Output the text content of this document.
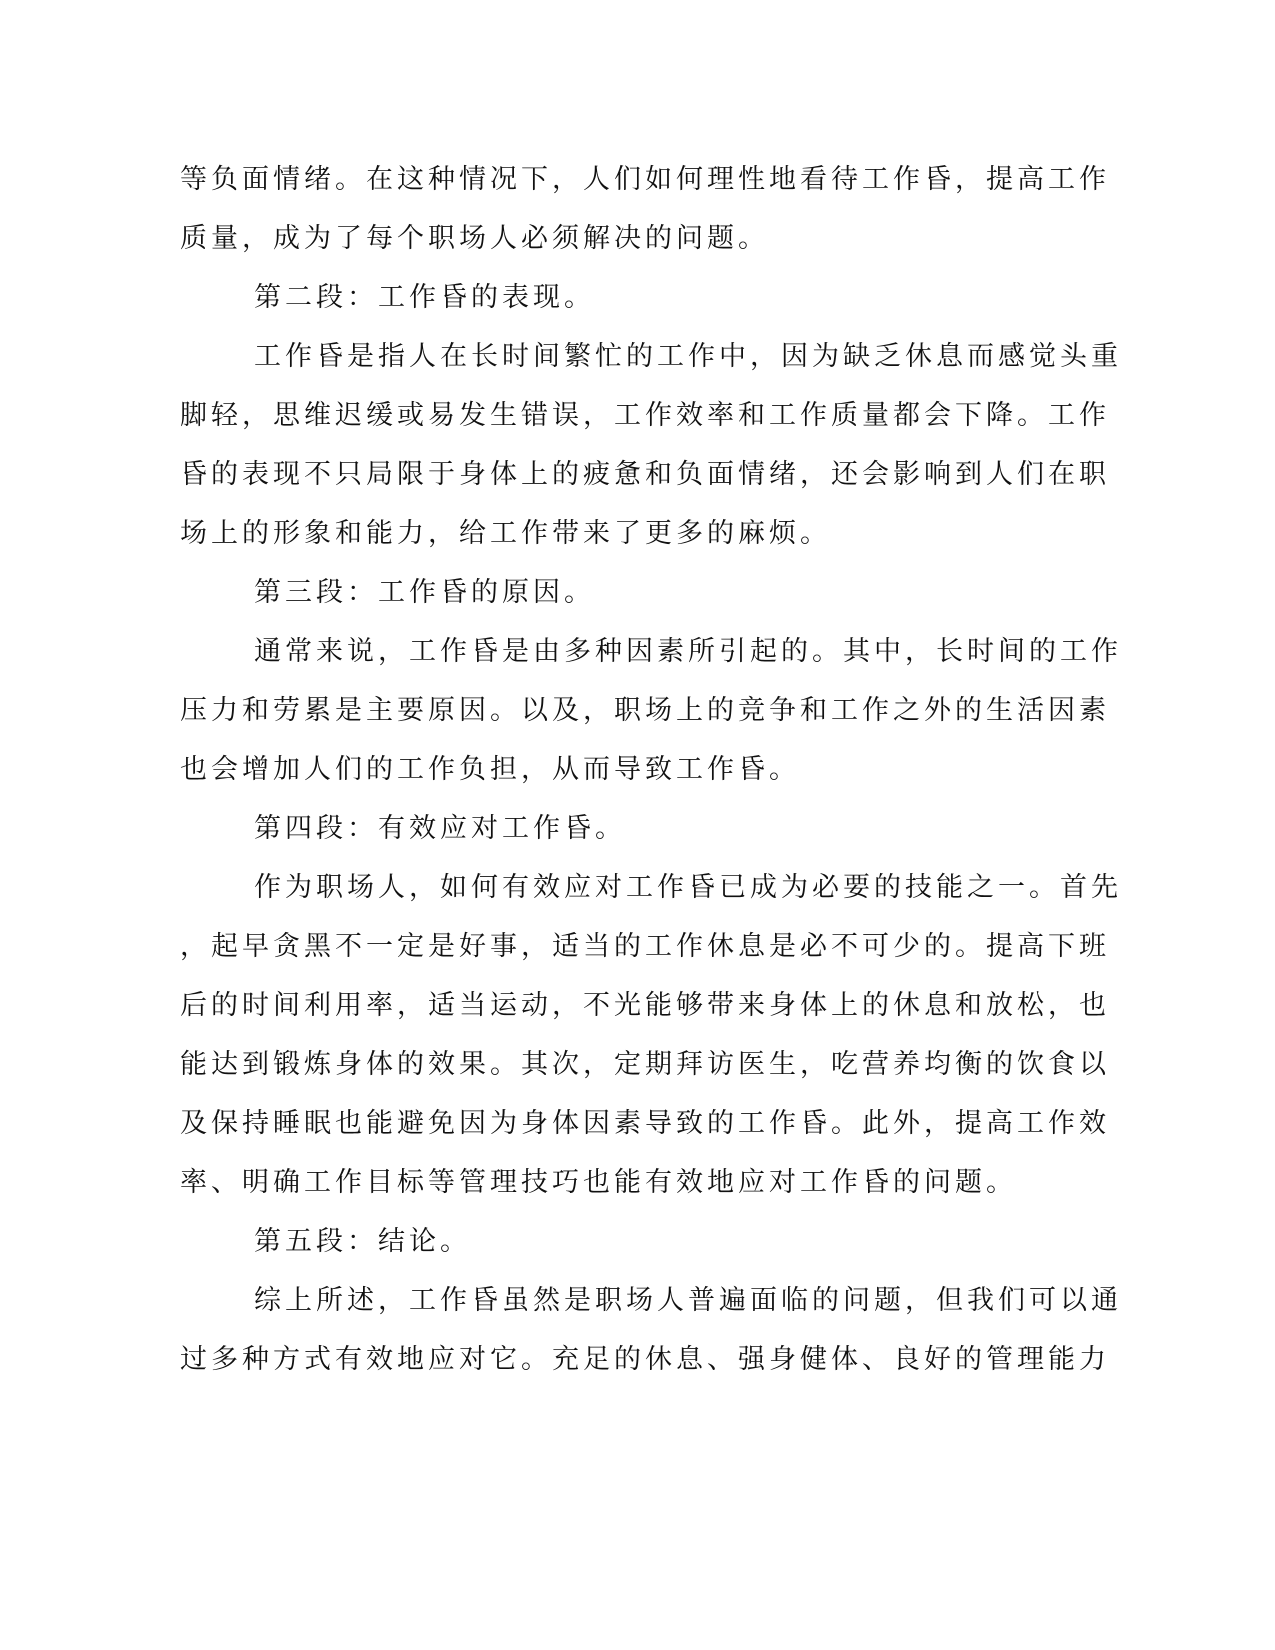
等负面情绪。在这种情况下，人们如何理性地看待工作昏，提高工作
质量，成为了每个职场人必须解决的问题。
第二段：工作昏的表现。
工作昏是指人在长时间繁忙的工作中，因为缺乏休息而感觉头重
脚轻，思维迟缓或易发生错误，工作效率和工作质量都会下降。工作
昏的表现不只局限于身体上的疲惫和负面情绪，还会影响到人们在职
场上的形象和能力，给工作带来了更多的麻烦。
第三段：工作昏的原因。
通常来说，工作昏是由多种因素所引起的。其中，长时间的工作
压力和劳累是主要原因。以及，职场上的竞争和工作之外的生活因素
也会增加人们的工作负担，从而导致工作昏。
第四段：有效应对工作昏。
作为职场人，如何有效应对工作昏已成为必要的技能之一。首先
，起早贪黑不一定是好事，适当的工作休息是必不可少的。提高下班
后的时间利用率，适当运动，不光能够带来身体上的休息和放松，也
能达到锻炼身体的效果。其次，定期拜访医生，吃营养均衡的饮食以
及保持睡眠也能避免因为身体因素导致的工作昏。此外，提高工作效
率、明确工作目标等管理技巧也能有效地应对工作昏的问题。
第五段：结论。
综上所述，工作昏虽然是职场人普遍面临的问题，但我们可以通
过多种方式有效地应对它。充足的休息、强身健体、良好的管理能力
